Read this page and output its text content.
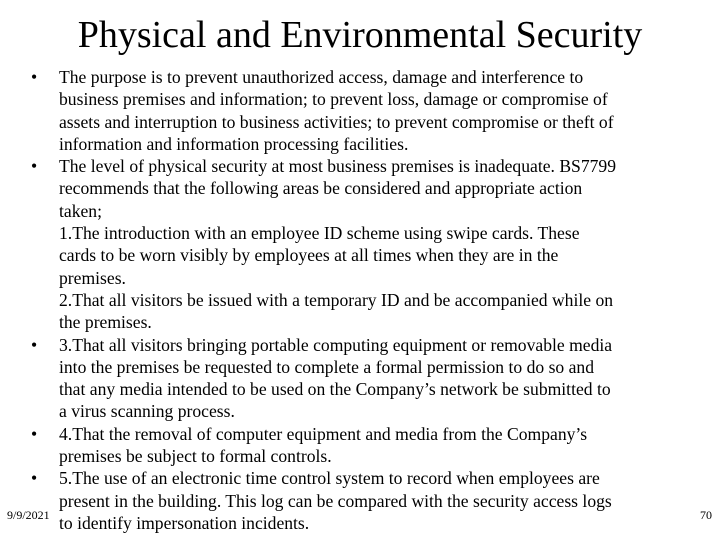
Physical and Environmental Security
• The purpose is to prevent unauthorized access, damage and interference to
business premises and information; to prevent loss, damage or compromise of
assets and interruption to business activities; to prevent compromise or theft of
information and information processing facilities.
• The level of physical security at most business premises is inadequate. BS7799
recommends that the following areas be considered and appropriate action
taken;
1.The introduction with an employee ID scheme using swipe cards. These
cards to be worn visibly by employees at all times when they are in the
premises.
2.That all visitors be issued with a temporary ID and be accompanied while on
the premises.
• 3.That all visitors bringing portable computing equipment or removable media
into the premises be requested to complete a formal permission to do so and
that any media intended to be used on the Company’s network be submitted to
a virus scanning process.
• 4.That the removal of computer equipment and media from the Company’s
premises be subject to formal controls.
• 5.The use of an electronic time control system to record when employees are
present in the building. This log can be compared with the security access logs
to identify impersonation incidents.
9/9/2021	70
